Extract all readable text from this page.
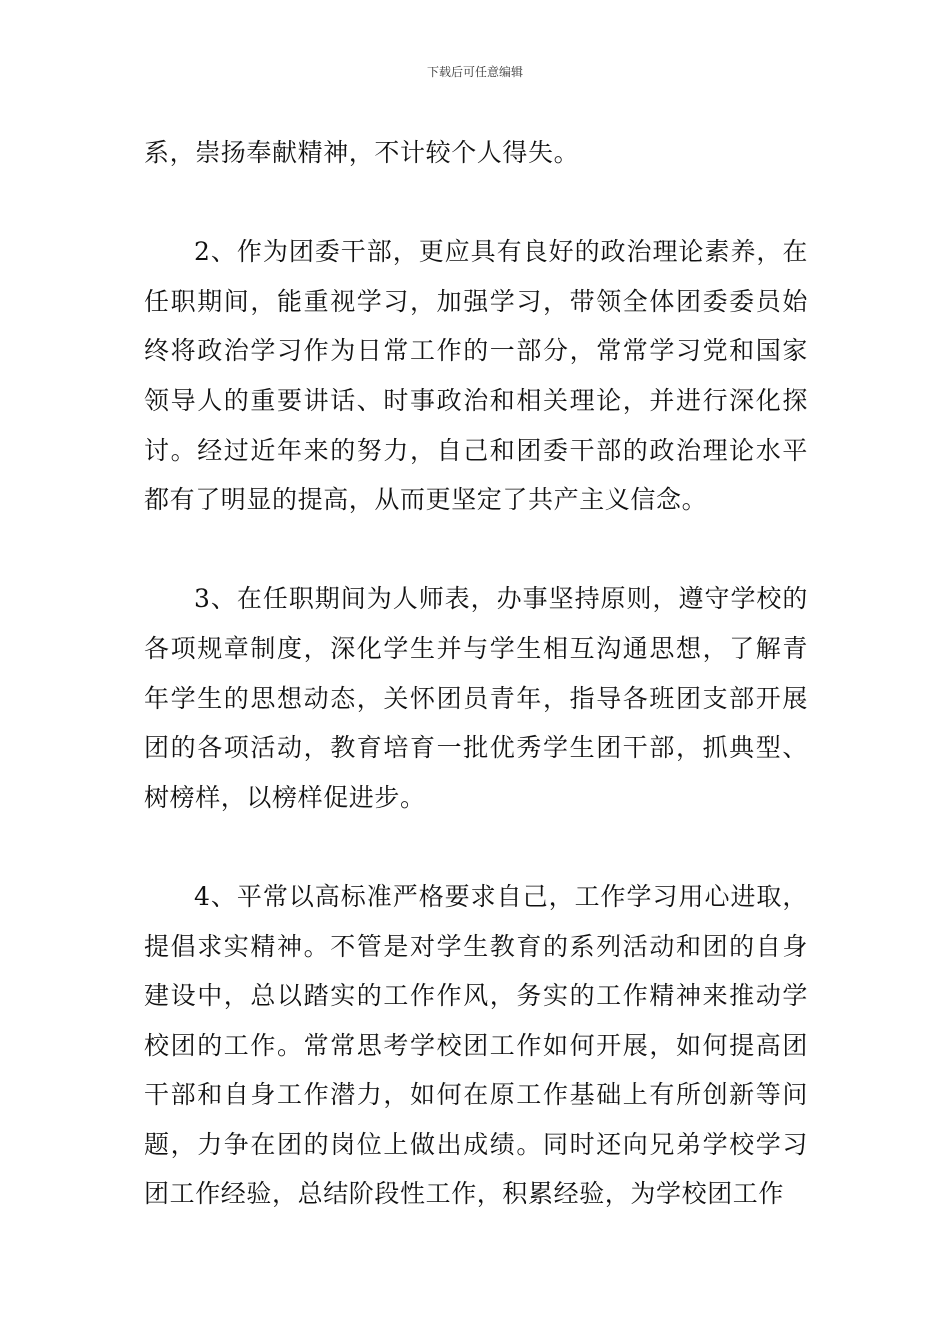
下载后可任意编辑

系，崇扬奉献精神，不计较个人得失。

2、作为团委干部，更应具有良好的政治理论素养，在任职期间，能重视学习，加强学习，带领全体团委委员始终将政治学习作为日常工作的一部分，常常学习党和国家领导人的重要讲话、时事政治和相关理论，并进行深化探讨。经过近年来的努力，自己和团委干部的政治理论水平都有了明显的提高，从而更坚定了共产主义信念。

3、在任职期间为人师表，办事坚持原则，遵守学校的各项规章制度，深化学生并与学生相互沟通思想，了解青年学生的思想动态，关怀团员青年，指导各班团支部开展团的各项活动，教育培育一批优秀学生团干部，抓典型、树榜样，以榜样促进步。

4、平常以高标准严格要求自己，工作学习用心进取，提倡求实精神。不管是对学生教育的系列活动和团的自身建设中，总以踏实的工作作风，务实的工作精神来推动学校团的工作。常常思考学校团工作如何开展，如何提高团干部和自身工作潜力，如何在原工作基础上有所创新等问题，力争在团的岗位上做出成绩。同时还向兄弟学校学习团工作经验，总结阶段性工作，积累经验，为学校团工作
